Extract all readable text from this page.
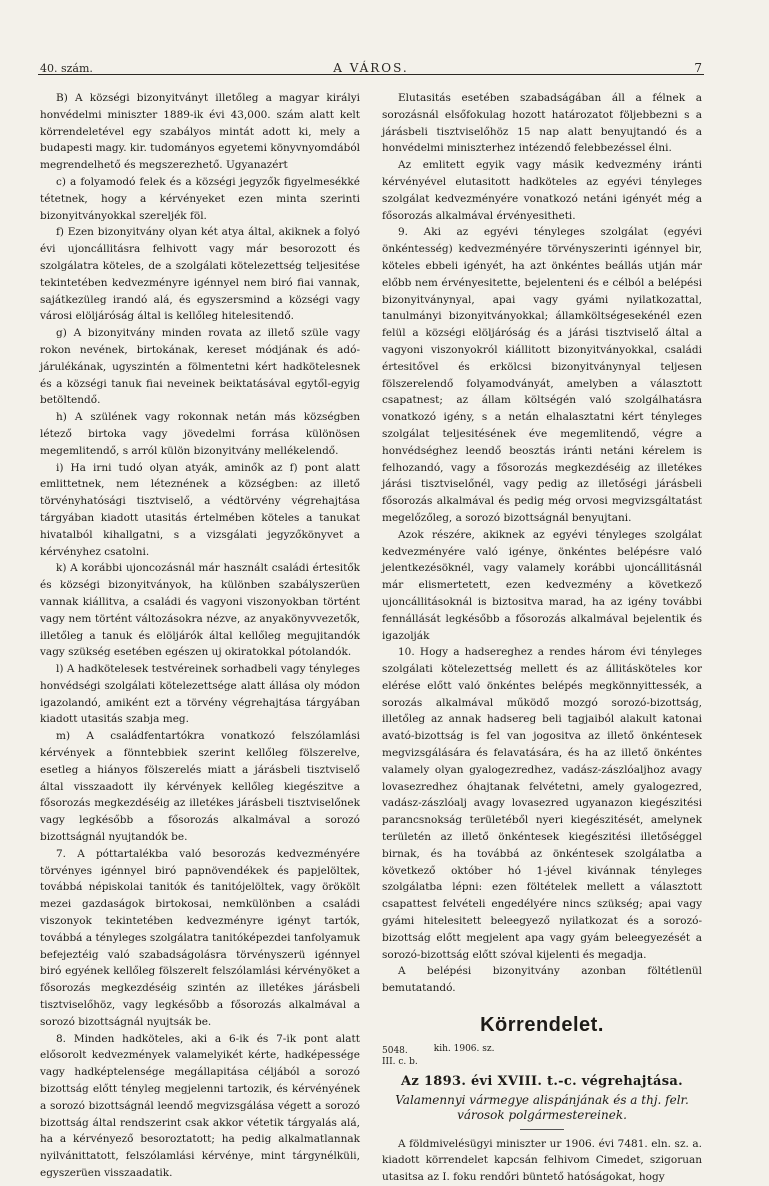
40. szám.	A VÁROS.	7

B) A községi bizonyitványt illetőleg a magyar királyi honvédelmi miniszter 1889-ik évi 43,000. szám alatt kelt körrendeletével egy szabályos mintát adott ki, mely a budapesti magy. kir. tudományos egyetemi könyvnyomdából megrendelhető és megszerezhető. Ugyanazért

c) a folyamodó felek és a községi jegyzők figyelmesékké tétetnek, hogy a kérvényeket ezen minta szerinti bizonyitványokkal szereljék föl.

f) Ezen bizonyitvány olyan két atya által, akiknek a folyó évi ujoncállitásra felhivott vagy már besorozott és szolgálatra köteles, de a szolgálati kötelezettség teljesitése tekintetében kedvezményre igénnyel nem biró fiai vannak, sajátkezüleg irandó alá, és egyszersmind a községi vagy városi elöljáróság által is kellőleg hitelesitendő.

g) A bizonyitvány minden rovata az illető szüle vagy rokon nevének, birtokának, kereset módjának és adó-járulékának, ugyszintén a fölmentetni kért hadkötelesnek és a községi tanuk fiai neveinek beiktatásával egytől-egyig betöltendő.

h) A szülének vagy rokonnak netán más községben létező birtoka vagy jövedelmi forrása különösen megemlitendő, s arról külön bizonyitvány mellékelendő.

i) Ha irni tudó olyan atyák, aminők az f) pont alatt emlittetnek, nem léteznének a községben: az illető törvényhatósági tisztviselő, a védtörvény végrehajtása tárgyában kiadott utasitás értelmében köteles a tanukat hivatalból kihallgatni, s a vizsgálati jegyzőkönyvet a kérvényhez csatolni.

k) A korábbi ujoncozásnál már használt családi értesitők és községi bizonyitványok, ha különben szabályszerüen vannak kiállitva, a családi és vagyoni viszonyokban történt vagy nem történt változásokra nézve, az anyakönyvvezetők, illetőleg a tanuk és elöljárók által kellőleg megujitandók vagy szükség esetében egészen uj okiratokkal pótolandók.

l) A hadkötelesek testvéreinek sorhadbeli vagy tényleges honvédségi szolgálati kötelezettsége alatt állása oly módon igazolandó, amiként ezt a törvény végrehajtása tárgyában kiadott utasitás szabja meg.

m) A családfentartókra vonatkozó felszólamlási kérvények a fönntebbiek szerint kellőleg fölszerelve, esetleg a hiányos fölszerelés miatt a járásbeli tisztviselő által visszaadott ily kérvények kellőleg kiegészitve a fősorozás megkezdéséig az illetékes járásbeli tisztviselőnek vagy legkésőbb a fősorozás alkalmával a sorozó bizottságnál nyujtandók be.

7. A póttartalékba való besorozás kedvezményére törvényes igénnyel biró papnövendékek és papjelöltek, továbbá népiskolai tanitók és tanitójelöltek, vagy örökölt mezei gazdaságok birtokosai, nemkülönben a családi viszonyok tekintetében kedvezményre igényt tartók, továbbá a tényleges szolgálatra tanitóképezdei tanfolyamuk befejeztéig való szabadságolásra törvényszerü igénnyel biró egyének kellőleg fölszerelt felszólamlási kérvényöket a fősorozás megkezdéséig szintén az illetékes járásbeli tisztviselőhöz, vagy legkésőbb a fősorozás alkalmával a sorozó bizottságnál nyujtsák be.

8. Minden hadköteles, aki a 6-ik és 7-ik pont alatt elősorolt kedvezmények valamelyikét kérte, hadképessége vagy hadképtelensége megállapitása céljából a sorozó bizottság előtt tényleg megjelenni tartozik, és kérvényének a sorozó bizottságnál leendő megvizsgálása végett a sorozó bizottság által rendszerint csak akkor vétetik tárgyalás alá, ha a kérvényező besoroztatott; ha pedig alkalmatlannak nyilvánittatott, felszólamlási kérvénye, mint tárgynélküli, egyszerüen visszaadatik.

Elutasitás esetében szabadságában áll a félnek a sorozásnál elsőfokulag hozott határozatot följebbezni s a járásbeli tisztviselőhöz 15 nap alatt benyujtandó és a honvédelmi miniszterhez intézendő felebbezéssel élni.

Az emlitett egyik vagy másik kedvezmény iránti kérvényével elutasitott hadköteles az egyévi tényleges szolgálat kedvezményére vonatkozó netáni igényét még a fősorozás alkalmával érvényesitheti.

9. Aki az egyévi tényleges szolgálat (egyévi önkéntesség) kedvezményére törvényszerinti igénnyel bir, köteles ebbeli igényét, ha azt önkéntes beállás utján már előbb nem érvényesitette, bejelenteni és e célból a belépési bizonyitványnyal, apai vagy gyámi nyilatkozattal, tanulmányi bizonyitványokkal; államköltségesekénél ezen felül a községi elöljáróság és a járási tisztviselő által a vagyoni viszonyokról kiállitott bizonyitványokkal, családi értesitővel és erkölcsi bizonyitványnyal teljesen fölszerelendő folyamodványát, amelyben a választott csapatnest; az állam költségén való szolgálhatásra vonatkozó igény, s a netán elhalasztatni kért tényleges szolgálat teljesitésének éve megemlitendő, végre a honvédséghez leendő beosztás iránti netáni kérelem is felhozandó, vagy a fősorozás megkezdéséig az illetékes járási tisztviselőnél, vagy pedig az illetőségi járásbeli fősorozás alkalmával és pedig még orvosi megvizsgáltatást megelőzőleg, a sorozó bizottságnál benyujtani.

Azok részére, akiknek az egyévi tényleges szolgálat kedvezményére való igénye, önkéntes belépésre való jelentkezésöknél, vagy valamely korábbi ujoncállitásnál már elismertetett, ezen kedvezmény a következő ujoncállitásoknál is biztositva marad, ha az igény további fennállását legkésőbb a fősorozás alkalmával bejelentik és igazolják

10. Hogy a hadsereghez a rendes három évi tényleges szolgálati kötelezettség mellett és az állitásköteles kor elérése előtt való önkéntes belépés megkönnyittessék, a sorozás alkalmával működő mozgó sorozó-bizottság, illetőleg az annak hadsereg beli tagjaiból alakult katonai avató-bizottság is fel van jogositva az illető önkéntesek megvizsgálására és felavatására, és ha az illető önkéntes valamely olyan gyalogezredhez, vadász-zászlóaljhoz avagy lovasezredhez óhajtanak felvétetni, amely gyalogezred, vadász-zászlóalj avagy lovasezred ugyanazon kiegészitési parancsnokság területéből nyeri kiegészitését, amelynek területén az illető önkéntesek kiegészitési illetőséggel birnak, és ha továbbá az önkéntesek szolgálatba a következő október hó 1-jével kivánnak tényleges szolgálatba lépni: ezen föltételek mellett a választott csapattest felvételi engedélyére nincs szükség; apai vagy gyámi hitelesitett beleegyező nyilatkozat és a sorozó-bizottság előtt megjelent apa vagy gyám beleegyezését a sorozó-bizottság előtt szóval kijelenti és megadja.

A belépési bizonyitvány azonban föltétlenül bemutatandó.

Körrendelet.
5048.	kih. 1906. sz.
III. c. b.
Az 1893. évi XVIII. t.-c. végrehajtása.
Valamennyi vármegye alispánjának és a thj. felr.
városok polgármestereinek.

A földmivelésügyi miniszter ur 1906. évi 7481. eln. sz. a. kiadott körrendelet kapcsán felhivom Cimedet, szigoruan utasitsa az I. foku rendőri büntető hatóságokat, hogy
